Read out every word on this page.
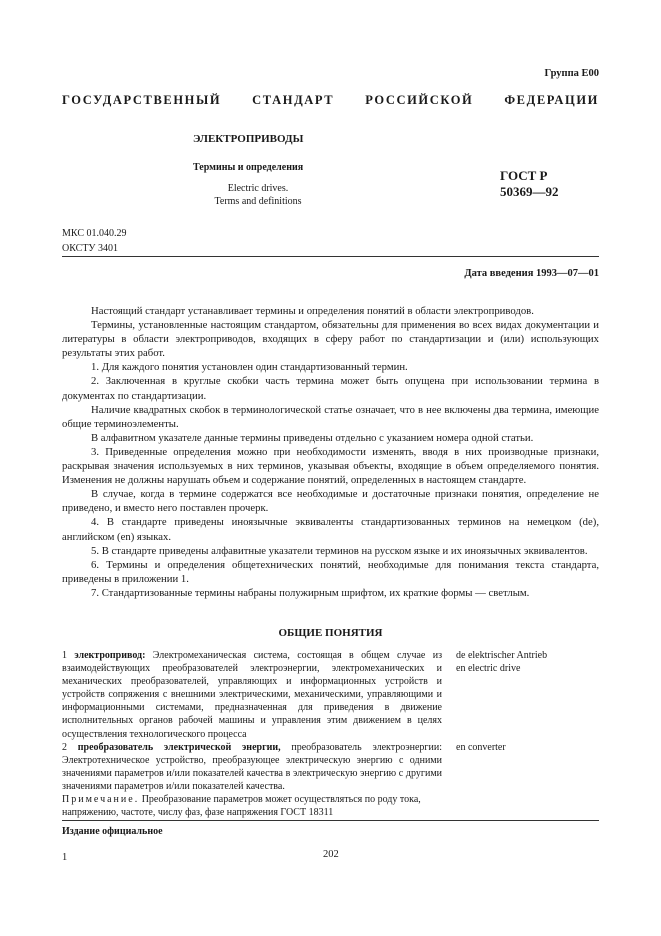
Группа Е00
ГОСУДАРСТВЕННЫЙ СТАНДАРТ РОССИЙСКОЙ ФЕДЕРАЦИИ
ЭЛЕКТРОПРИВОДЫ
Термины и определения
Electric drives.
Terms and definitions
ГОСТ Р
50369—92
МКС 01.040.29
ОКСТУ 3401
Дата введения 1993—07—01

Настоящий стандарт устанавливает термины и определения понятий в области электроприводов.

Термины, установленные настоящим стандартом, обязательны для применения во всех видах документации и литературы в области электроприводов, входящих в сферу работ по стандартизации и (или) использующих результаты этих работ.

1. Для каждого понятия установлен один стандартизованный термин.

2. Заключенная в круглые скобки часть термина может быть опущена при использовании термина в документах по стандартизации.

Наличие квадратных скобок в терминологической статье означает, что в нее включены два термина, имеющие общие терминоэлементы.

В алфавитном указателе данные термины приведены отдельно с указанием номера одной статьи.

3. Приведенные определения можно при необходимости изменять, вводя в них производные признаки, раскрывая значения используемых в них терминов, указывая объекты, входящие в объем определяемого понятия. Изменения не должны нарушать объем и содержание понятий, определенных в настоящем стандарте.

В случае, когда в термине содержатся все необходимые и достаточные признаки понятия, определение не приведено, и вместо него поставлен прочерк.

4. В стандарте приведены иноязычные эквиваленты стандартизованных терминов на немецком (de), английском (en) языках.

5. В стандарте приведены алфавитные указатели терминов на русском языке и их иноязычных эквивалентов.

6. Термины и определения общетехнических понятий, необходимые для понимания текста стандарта, приведены в приложении 1.

7. Стандартизованные термины набраны полужирным шрифтом, их краткие формы — светлым.

ОБЩИЕ ПОНЯТИЯ
1 электропривод: Электромеханическая система, состоящая в общем случае из взаимодействующих преобразователей электроэнергии, электромеханических и механических преобразователей, управляющих и информационных устройств и устройств сопряжения с внешними электрическими, механическими, управляющими и информационными системами, предназначенная для приведения в движение исполнительных органов рабочей машины и управления этим движением в целях осуществления технологического процесса
de elektrischer Antrieb
en electric drive
2 преобразователь электрической энергии, преобразователь электроэнергии: Электротехническое устройство, преобразующее электрическую энергию с одними значениями параметров и/или показателей качества в электрическую энергию с другими значениями параметров и/или показателей качества.
Примечание. Преобразование параметров может осуществляться по роду тока, напряжению, частоте, числу фаз, фазе напряжения ГОСТ 18311
en converter
Издание официальное
1	202
